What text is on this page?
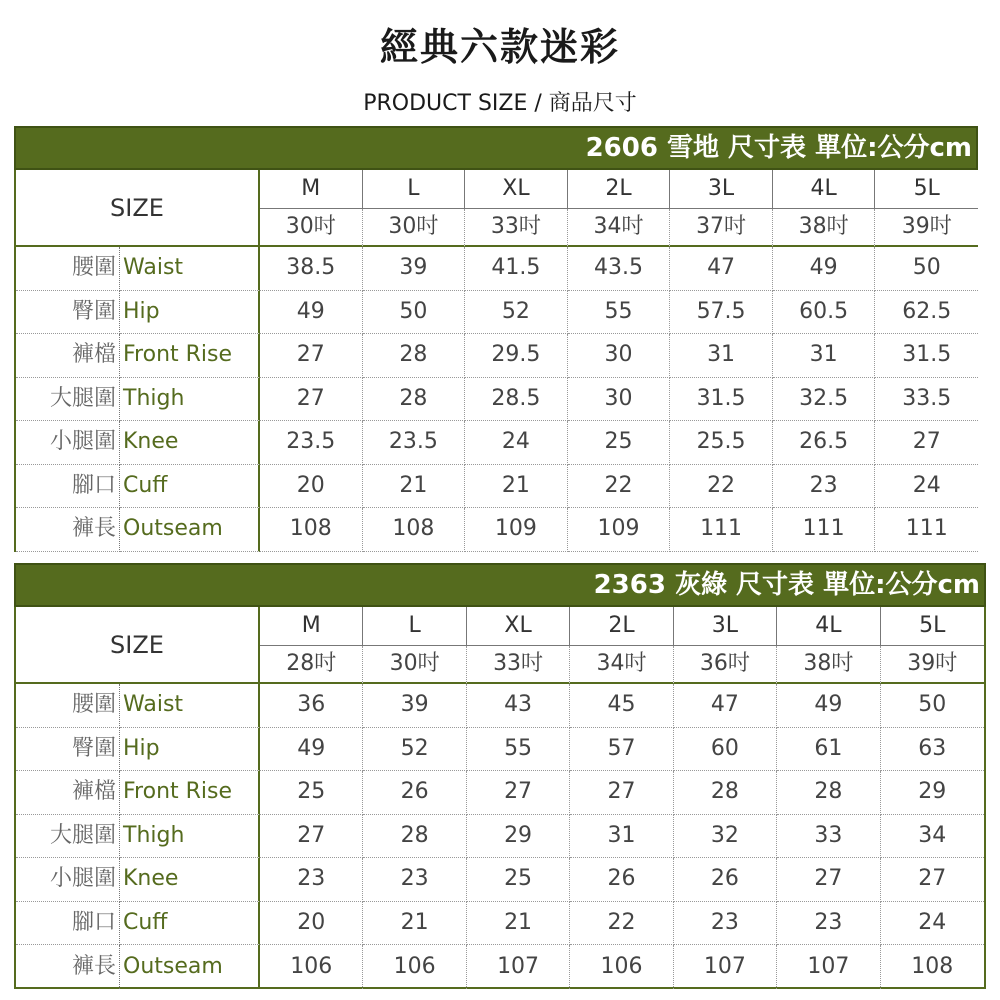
經典六款迷彩
PRODUCT SIZE / 商品尺寸
2606 雪地 尺寸表 單位:公分cm
SIZE
M	L	XL	2L	3L	4L	5L
30吋	30吋	33吋	34吋	37吋	38吋	39吋
腰圍 Waist	38.5	39	41.5	43.5	47	49	50
臀圍 Hip	49	50	52	55	57.5	60.5	62.5
褲檔 Front Rise	27	28	29.5	30	31	31	31.5
大腿圍 Thigh	27	28	28.5	30	31.5	32.5	33.5
小腿圍 Knee	23.5	23.5	24	25	25.5	26.5	27
腳口 Cuff	20	21	21	22	22	23	24
褲長 Outseam	108	108	109	109	111	111	111
2363 灰綠 尺寸表 單位:公分cm
SIZE
M	L	XL	2L	3L	4L	5L
28吋	30吋	33吋	34吋	36吋	38吋	39吋
腰圍 Waist	36	39	43	45	47	49	50
臀圍 Hip	49	52	55	57	60	61	63
褲檔 Front Rise	25	26	27	27	28	28	29
大腿圍 Thigh	27	28	29	31	32	33	34
小腿圍 Knee	23	23	25	26	26	27	27
腳口 Cuff	20	21	21	22	23	23	24
褲長 Outseam	106	106	107	106	107	107	108
